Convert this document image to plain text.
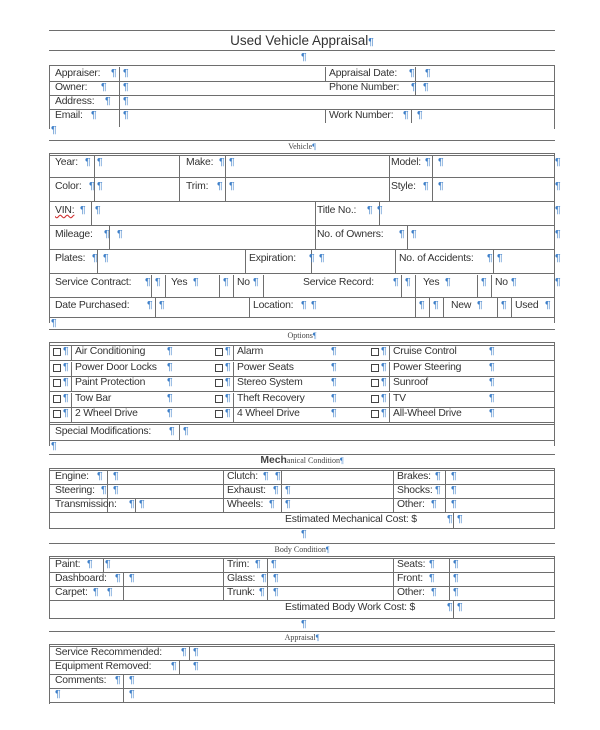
Used Vehicle Appraisal¶
¶
Appraiser: ¶ ¶	Appraisal Date: ¶ ¶
Owner: ¶ ¶	Phone Number: ¶ ¶
Address: ¶ ¶
Email: ¶	¶	Work Number: ¶ ¶
¶
Vehicle¶
Year: ¶ ¶	Make: ¶ ¶	Model: ¶ ¶	¶
Color: ¶ ¶	Trim: ¶ ¶	Style: ¶ ¶	¶
VIN: ¶ ¶	Title No.: ¶ ¶	¶
Mileage: ¶ ¶	No. of Owners: ¶ ¶	¶
Plates: ¶ ¶	Expiration: ¶ ¶	No. of Accidents: ¶ ¶	¶
Service Contract: ¶ ¶ Yes ¶ ¶ No ¶	Service Record: ¶ ¶ Yes ¶	¶ No ¶	¶
Date Purchased: ¶ ¶	Location: ¶ ¶	¶ ¶ New ¶ ¶ Used ¶
¶
Options¶
¶ Air Conditioning ¶	¶ Alarm	¶	¶ Cruise Control	¶
¶ Power Door Locks ¶	¶ Power Seats	¶	¶ Power Steering	¶
¶ Paint Protection ¶	¶ Stereo System	¶	¶ Sunroof	¶
¶ Tow Bar	¶	¶ Theft Recovery	¶	¶ TV	¶
¶ 2 Wheel Drive	¶	¶ 4 Wheel Drive	¶	¶ All-Wheel Drive	¶
Special Modifications: ¶ ¶
¶
Mechanical Condition¶
Engine: ¶ ¶	Clutch: ¶ ¶	Brakes: ¶ ¶
Steering: ¶ ¶	Exhaust: ¶ ¶	Shocks: ¶ ¶
Transmission: ¶ ¶	Wheels: ¶ ¶	Other: ¶ ¶
Estimated Mechanical Cost: $	¶ ¶
¶
Body Condition¶
Paint: ¶ ¶	Trim: ¶ ¶	Seats: ¶ ¶
Dashboard: ¶ ¶	Glass: ¶ ¶	Front: ¶ ¶
Carpet: ¶ ¶	Trunk: ¶ ¶	Other: ¶ ¶
Estimated Body Work Cost: $	¶ ¶
¶
Appraisal¶
Service Recommended: ¶ ¶
Equipment Removed: ¶ ¶
Comments: ¶ ¶
¶	¶
